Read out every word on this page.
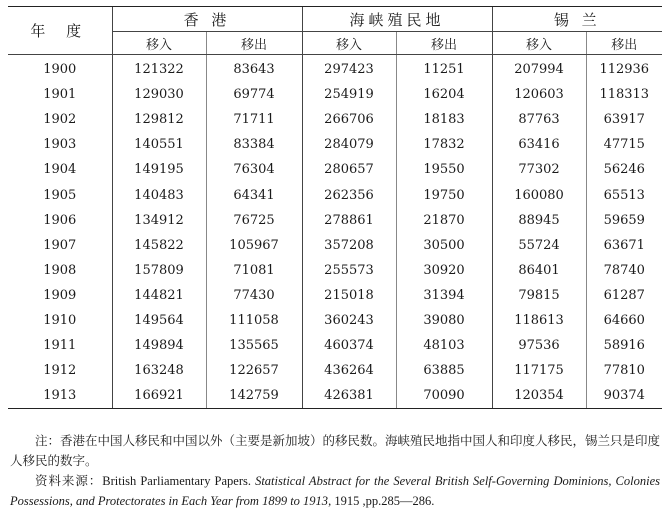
年 度	香 港		海峡殖民地		锡 兰	
	移入	移出	移入	移出	移入	移出
1900	121322	83643	297423	11251	207994	112936
1901	129030	69774	254919	16204	120603	118313
1902	129812	71711	266706	18183	87763	63917
1903	140551	83384	284079	17832	63416	47715
1904	149195	76304	280657	19550	77302	56246
1905	140483	64341	262356	19750	160080	65513
1906	134912	76725	278861	21870	88945	59659
1907	145822	105967	357208	30500	55724	63671
1908	157809	71081	255573	30920	86401	78740
1909	144821	77430	215018	31394	79815	61287
1910	149564	111058	360243	39080	118613	64660
1911	149894	135565	460374	48103	97536	58916
1912	163248	122657	436264	63885	117175	77810
1913	166921	142759	426381	70090	120354	90374

注：香港在中国人移民和中国以外（主要是新加坡）的移民数。海峡殖民地指中国人和印度人移民，锡兰只是印度人移民的数字。

资料来源：British Parliamentary Papers. Statistical Abstract for the Several British Self-Governing Dominions, Colonies Possessions, and Protectorates in Each Year from 1899 to 1913, 1915 ,pp.285—286.
